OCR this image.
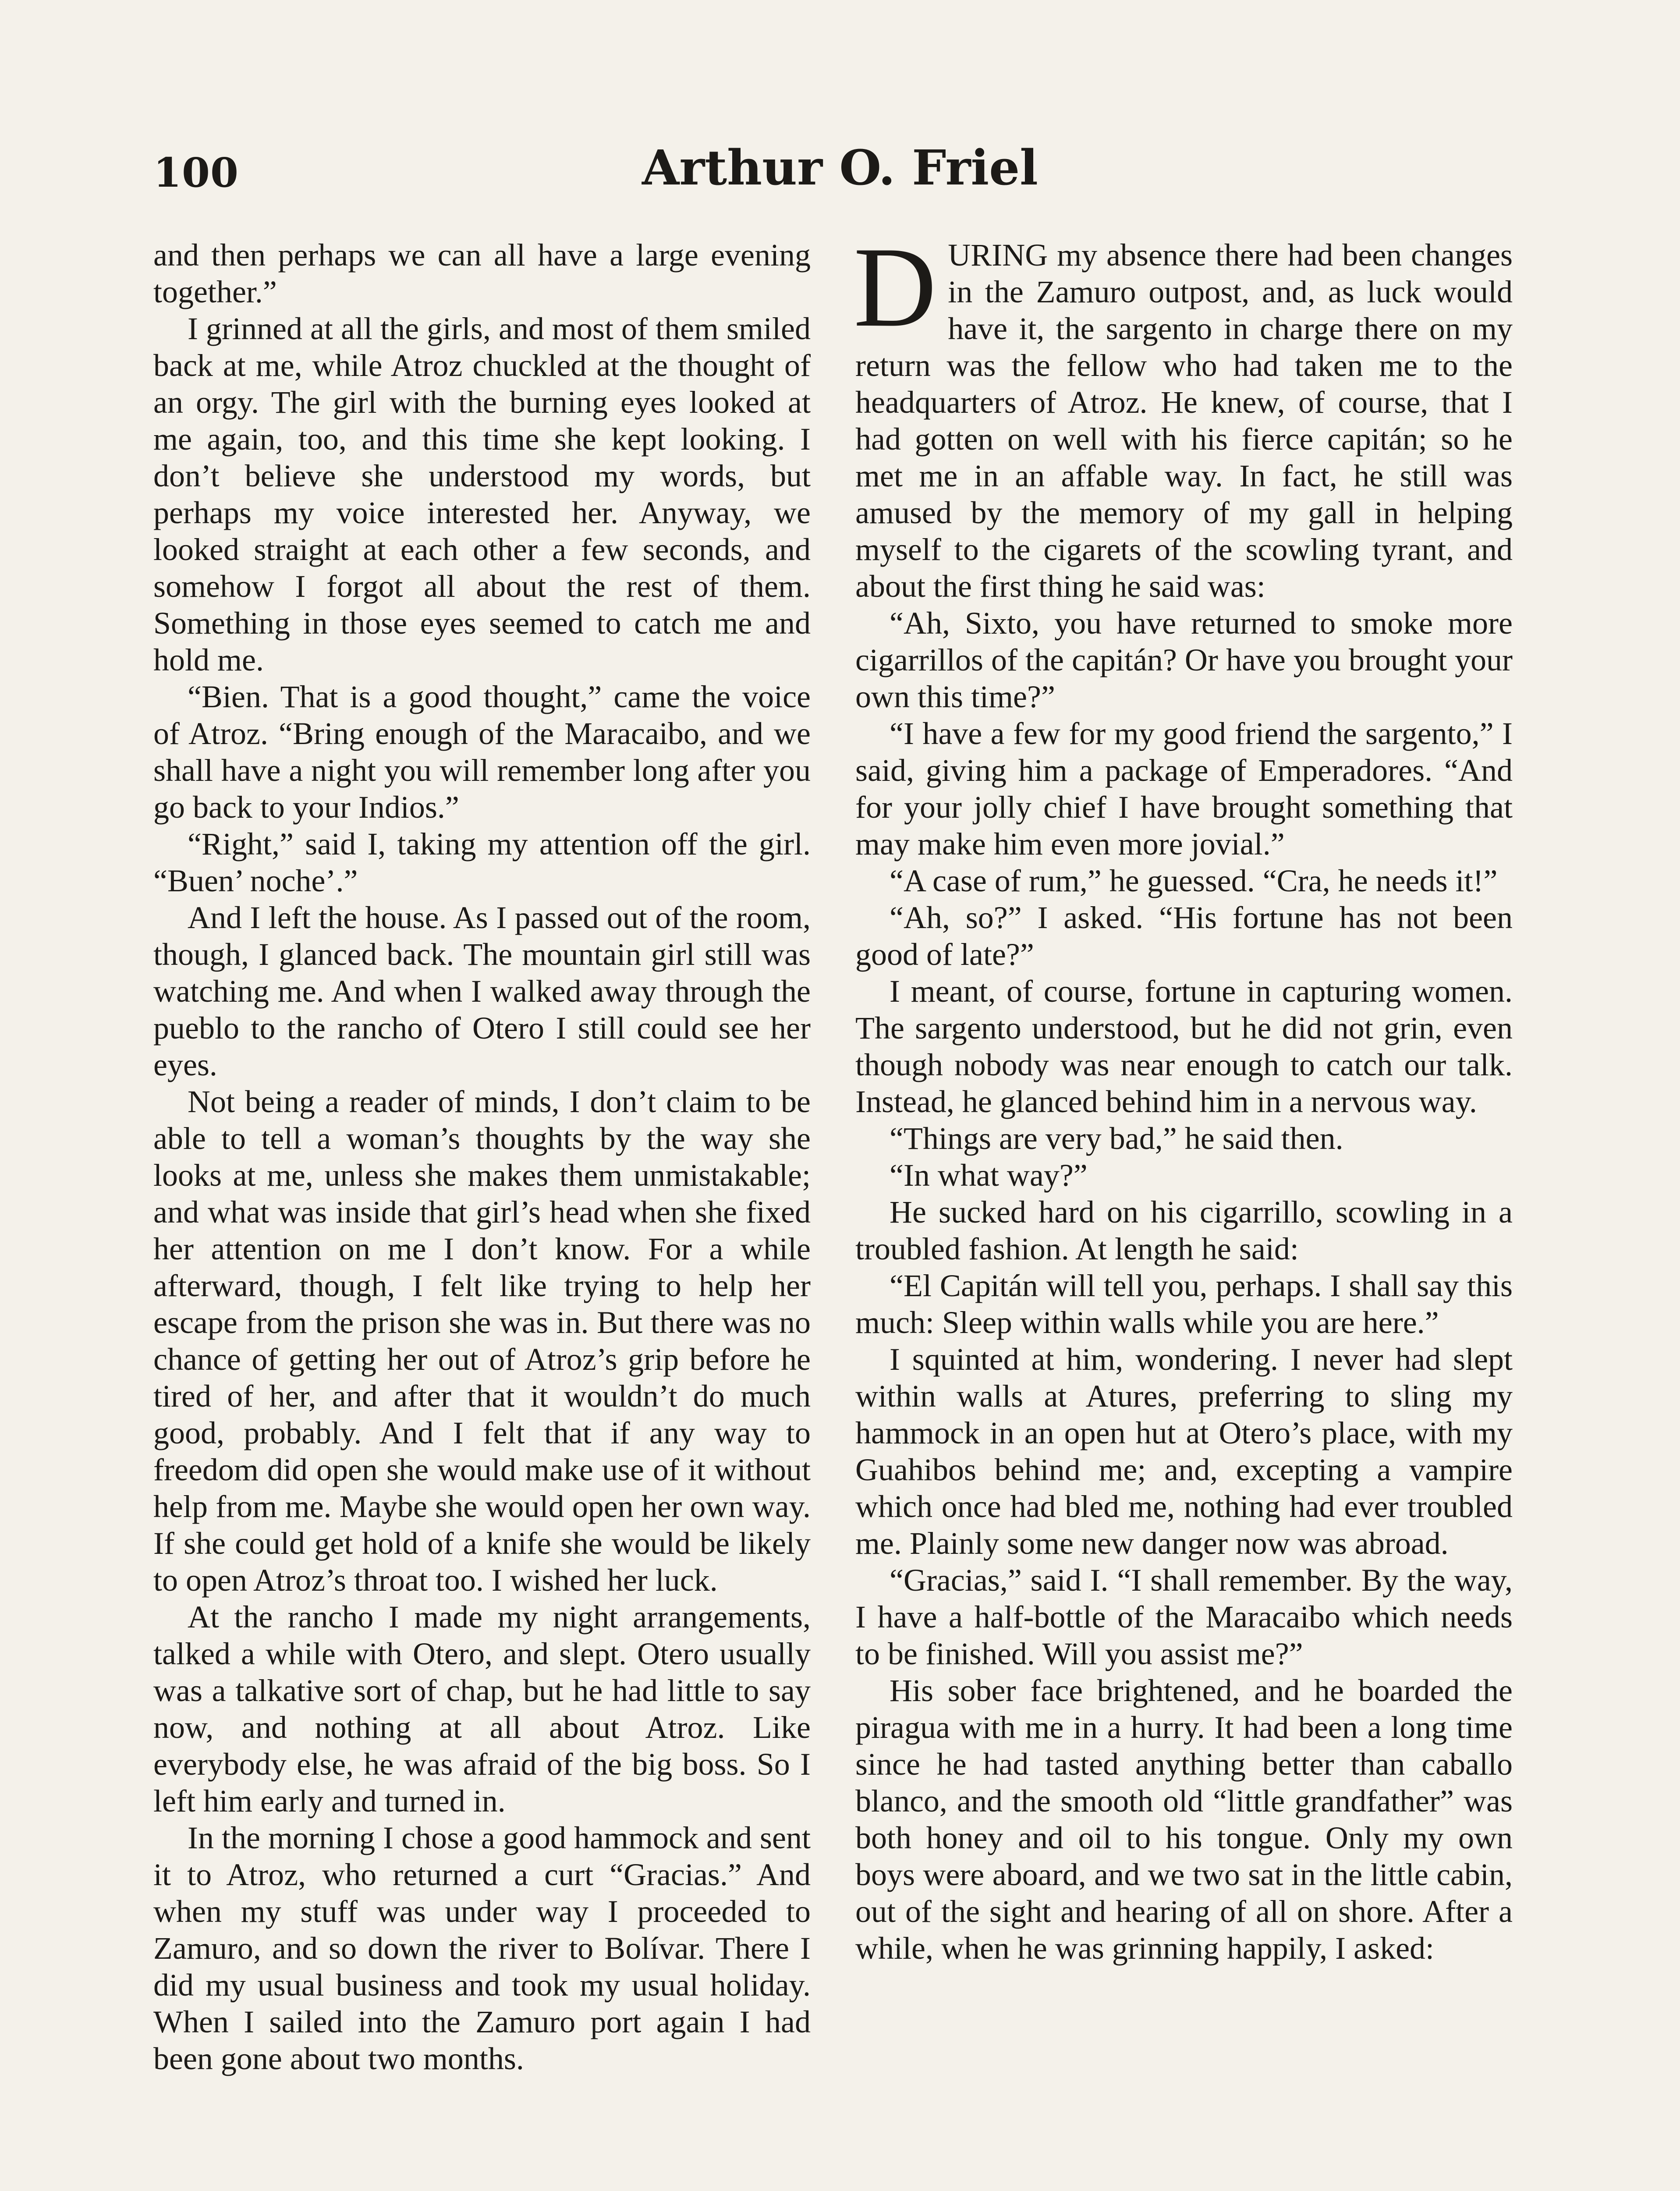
100	Arthur O. Friel

and then perhaps we can all have a large evening together.”

I grinned at all the girls, and most of them smiled back at me, while Atroz chuckled at the thought of an orgy. The girl with the burning eyes looked at me again, too, and this time she kept looking. I don’t believe she understood my words, but perhaps my voice interested her. Anyway, we looked straight at each other a few seconds, and somehow I forgot all about the rest of them. Something in those eyes seemed to catch me and hold me.

“Bien. That is a good thought,” came the voice of Atroz. “Bring enough of the Maracaibo, and we shall have a night you will remember long after you go back to your Indios.”

“Right,” said I, taking my attention off the girl. “Buen’ noche’.”

And I left the house. As I passed out of the room, though, I glanced back. The mountain girl still was watching me. And when I walked away through the pueblo to the rancho of Otero I still could see her eyes.

Not being a reader of minds, I don’t claim to be able to tell a woman’s thoughts by the way she looks at me, unless she makes them unmistakable; and what was inside that girl’s head when she fixed her attention on me I don’t know. For a while afterward, though, I felt like trying to help her escape from the prison she was in. But there was no chance of getting her out of Atroz’s grip before he tired of her, and after that it wouldn’t do much good, probably. And I felt that if any way to freedom did open she would make use of it without help from me. Maybe she would open her own way. If she could get hold of a knife she would be likely to open Atroz’s throat too. I wished her luck.

At the rancho I made my night arrangements, talked a while with Otero, and slept. Otero usually was a talkative sort of chap, but he had little to say now, and nothing at all about Atroz. Like everybody else, he was afraid of the big boss. So I left him early and turned in.

In the morning I chose a good hammock and sent it to Atroz, who returned a curt “Gracias.” And when my stuff was under way I proceeded to Zamuro, and so down the river to Bolívar. There I did my usual business and took my usual holiday. When I sailed into the Zamuro port again I had been gone about two months.

DURING my absence there had been changes in the Zamuro outpost, and, as luck would have it, the sargento in charge there on my return was the fellow who had taken me to the headquarters of Atroz. He knew, of course, that I had gotten on well with his fierce capitán; so he met me in an affable way. In fact, he still was amused by the memory of my gall in helping myself to the cigarets of the scowling tyrant, and about the first thing he said was:

“Ah, Sixto, you have returned to smoke more cigarrillos of the capitán? Or have you brought your own this time?”

“I have a few for my good friend the sargento,” I said, giving him a package of Emperadores. “And for your jolly chief I have brought something that may make him even more jovial.”

“A case of rum,” he guessed. “Cra, he needs it!”

“Ah, so?” I asked. “His fortune has not been good of late?”

I meant, of course, fortune in capturing women. The sargento understood, but he did not grin, even though nobody was near enough to catch our talk. Instead, he glanced behind him in a nervous way.

“Things are very bad,” he said then.

“In what way?”

He sucked hard on his cigarrillo, scowling in a troubled fashion. At length he said:

“El Capitán will tell you, perhaps. I shall say this much: Sleep within walls while you are here.”

I squinted at him, wondering. I never had slept within walls at Atures, preferring to sling my hammock in an open hut at Otero’s place, with my Guahibos behind me; and, excepting a vampire which once had bled me, nothing had ever troubled me. Plainly some new danger now was abroad.

“Gracias,” said I. “I shall remember. By the way, I have a half-bottle of the Maracaibo which needs to be finished. Will you assist me?”

His sober face brightened, and he boarded the piragua with me in a hurry. It had been a long time since he had tasted anything better than caballo blanco, and the smooth old “little grandfather” was both honey and oil to his tongue. Only my own boys were aboard, and we two sat in the little cabin, out of the sight and hearing of all on shore. After a while, when he was grinning happily, I asked:
